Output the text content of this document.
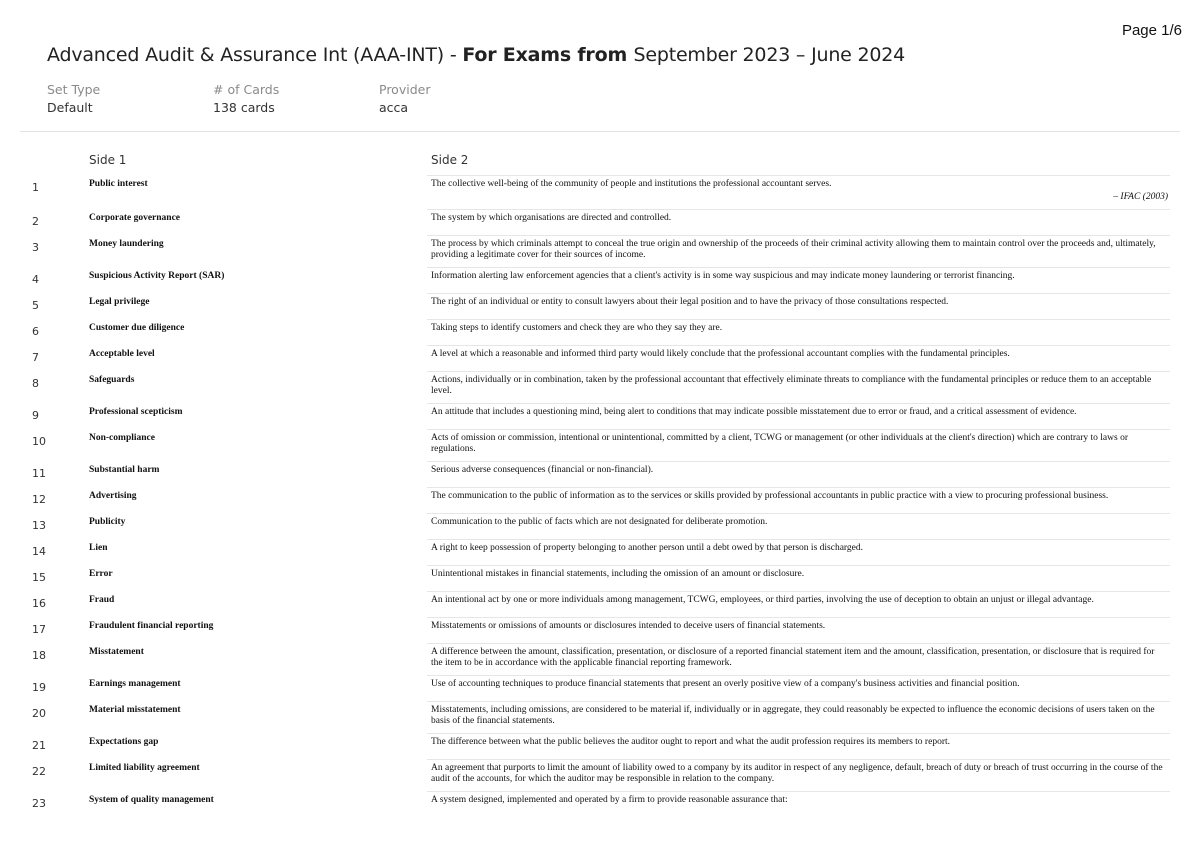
Page 1/6
Advanced Audit & Assurance Int (AAA-INT) - For Exams from September 2023 – June 2024
Set Type
Default
# of Cards
138 cards
Provider
acca
Side 1	Side 2
1	Public interest	The collective well-being of the community of people and institutions the professional accountant serves.
– IFAC (2003)
2	Corporate governance	The system by which organisations are directed and controlled.
3	Money laundering	The process by which criminals attempt to conceal the true origin and ownership of the proceeds of their criminal activity allowing them to maintain control over the proceeds and, ultimately, providing a legitimate cover for their sources of income.
4	Suspicious Activity Report (SAR)	Information alerting law enforcement agencies that a client's activity is in some way suspicious and may indicate money laundering or terrorist financing.
5	Legal privilege	The right of an individual or entity to consult lawyers about their legal position and to have the privacy of those consultations respected.
6	Customer due diligence	Taking steps to identify customers and check they are who they say they are.
7	Acceptable level	A level at which a reasonable and informed third party would likely conclude that the professional accountant complies with the fundamental principles.
8	Safeguards	Actions, individually or in combination, taken by the professional accountant that effectively eliminate threats to compliance with the fundamental principles or reduce them to an acceptable level.
9	Professional scepticism	An attitude that includes a questioning mind, being alert to conditions that may indicate possible misstatement due to error or fraud, and a critical assessment of evidence.
10	Non-compliance	Acts of omission or commission, intentional or unintentional, committed by a client, TCWG or management (or other individuals at the client's direction) which are contrary to laws or regulations.
11	Substantial harm	Serious adverse consequences (financial or non-financial).
12	Advertising	The communication to the public of information as to the services or skills provided by professional accountants in public practice with a view to procuring professional business.
13	Publicity	Communication to the public of facts which are not designated for deliberate promotion.
14	Lien	A right to keep possession of property belonging to another person until a debt owed by that person is discharged.
15	Error	Unintentional mistakes in financial statements, including the omission of an amount or disclosure.
16	Fraud	An intentional act by one or more individuals among management, TCWG, employees, or third parties, involving the use of deception to obtain an unjust or illegal advantage.
17	Fraudulent financial reporting	Misstatements or omissions of amounts or disclosures intended to deceive users of financial statements.
18	Misstatement	A difference between the amount, classification, presentation, or disclosure of a reported financial statement item and the amount, classification, presentation, or disclosure that is required for the item to be in accordance with the applicable financial reporting framework.
19	Earnings management	Use of accounting techniques to produce financial statements that present an overly positive view of a company's business activities and financial position.
20	Material misstatement	Misstatements, including omissions, are considered to be material if, individually or in aggregate, they could reasonably be expected to influence the economic decisions of users taken on the basis of the financial statements.
21	Expectations gap	The difference between what the public believes the auditor ought to report and what the audit profession requires its members to report.
22	Limited liability agreement	An agreement that purports to limit the amount of liability owed to a company by its auditor in respect of any negligence, default, breach of duty or breach of trust occurring in the course of the audit of the accounts, for which the auditor may be responsible in relation to the company.
23	System of quality management	A system designed, implemented and operated by a firm to provide reasonable assurance that:
